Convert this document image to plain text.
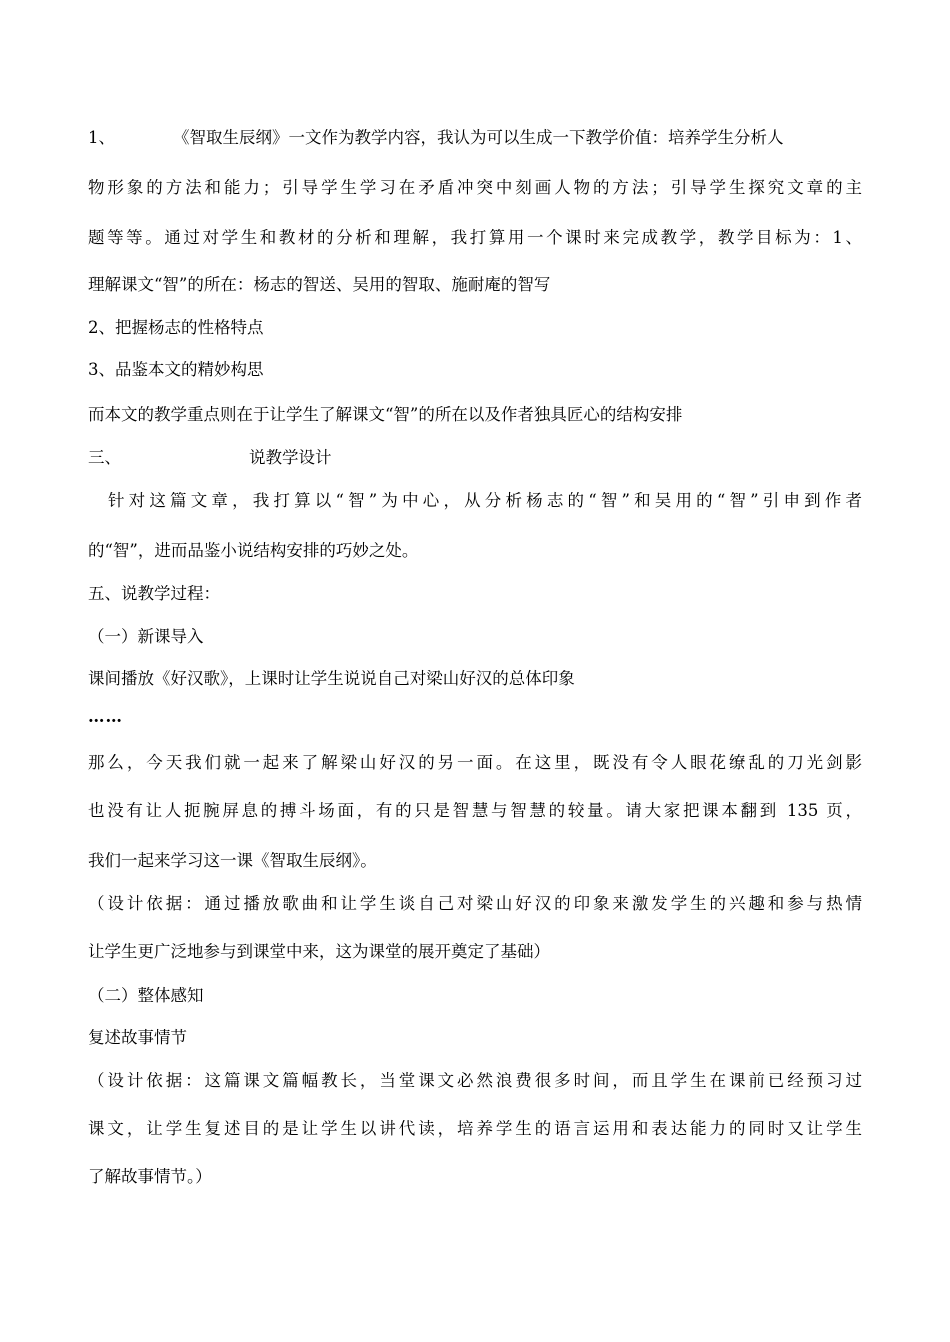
1、	《智取生辰纲》一文作为教学内容，我认为可以生成一下教学价值：培养学生分析人
物形象的方法和能力；引导学生学习在矛盾冲突中刻画人物的方法；引导学生探究文章的主
题等等。通过对学生和教材的分析和理解，我打算用一个课时来完成教学，教学目标为：1、
理解课文“智”的所在：杨志的智送、吴用的智取、施耐庵的智写
2、把握杨志的性格特点
3、品鉴本文的精妙构思
而本文的教学重点则在于让学生了解课文“智”的所在以及作者独具匠心的结构安排
三、	说教学设计
针对这篇文章，我打算以“智”为中心，从分析杨志的“智”和吴用的“智”引申到作者
的“智”，进而品鉴小说结构安排的巧妙之处。
五、说教学过程：
（一）新课导入
课间播放《好汉歌》，上课时让学生说说自己对梁山好汉的总体印象
……
那么，今天我们就一起来了解梁山好汉的另一面。在这里，既没有令人眼花缭乱的刀光剑影
也没有让人扼腕屏息的搏斗场面，有的只是智慧与智慧的较量。请大家把课本翻到 135 页，
我们一起来学习这一课《智取生辰纲》。
（设计依据：通过播放歌曲和让学生谈自己对梁山好汉的印象来激发学生的兴趣和参与热情
让学生更广泛地参与到课堂中来，这为课堂的展开奠定了基础）
（二）整体感知
复述故事情节
（设计依据：这篇课文篇幅教长，当堂课文必然浪费很多时间，而且学生在课前已经预习过
课文，让学生复述目的是让学生以讲代读，培养学生的语言运用和表达能力的同时又让学生
了解故事情节。）
